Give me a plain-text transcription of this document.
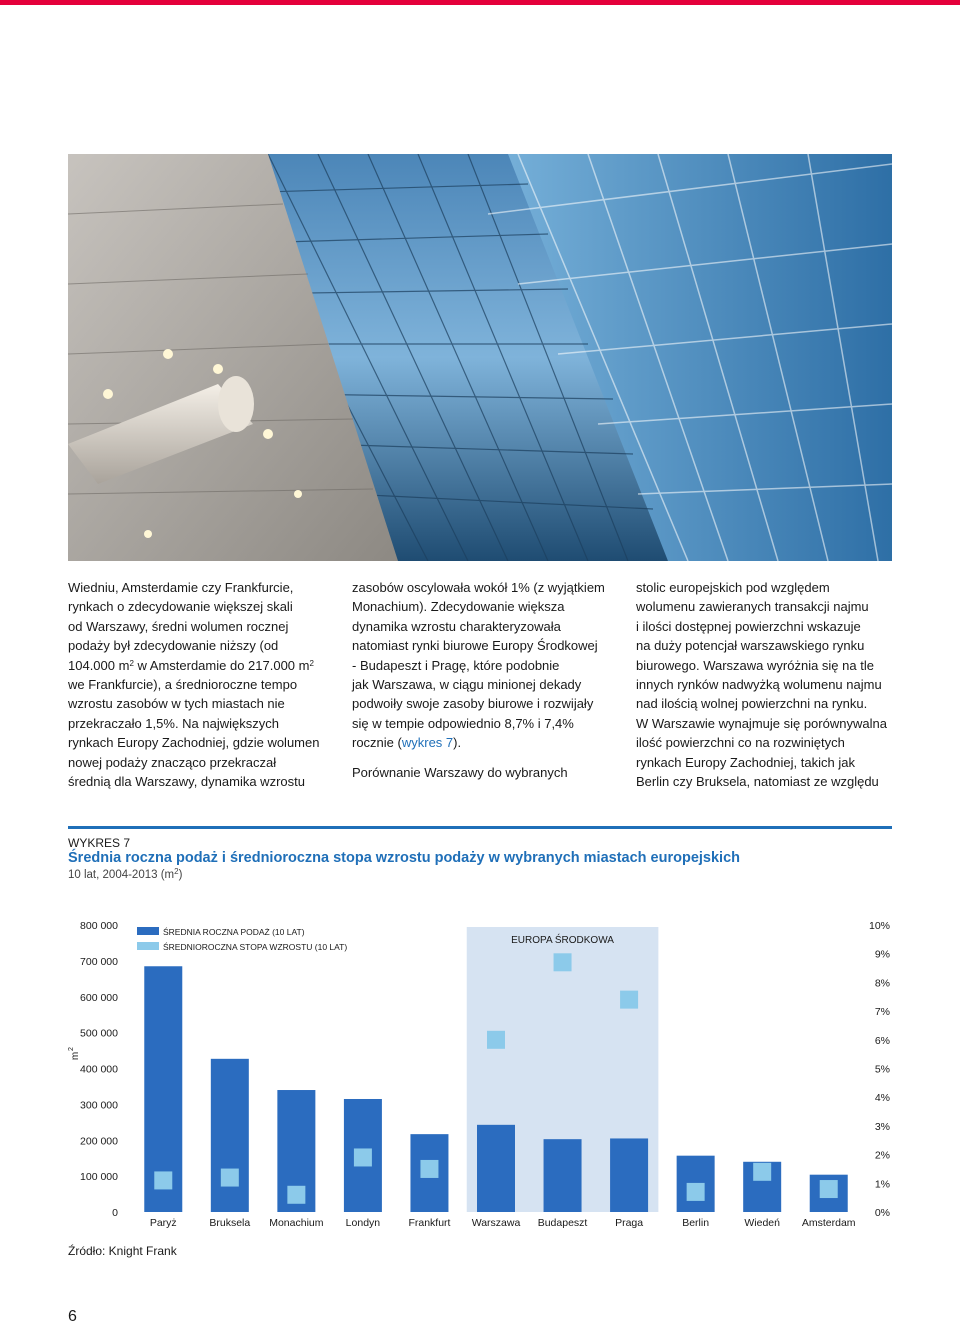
Wiedniu, Amsterdamie czy Frankfurcie,

rynkach o zdecydowanie większej skali

od Warszawy, średni wolumen rocznej

podaży był zdecydowanie niższy (od

104.000 $m^2$ w Amsterdamie do 217.000 $m^2$

we Frankfurcie), a średnioroczne tempo

wzrostu zasobów w tych miastach nie

przekraczało 1,5%. Na największych

rynkach Europy Zachodniej, gdzie wolumen

nowej podaży znacząco przekraczał

średnią dla Warszawy, dynamika wzrostu

zasobów oscylowała wokół 1% (z wyjątkiem

Monachium). Zdecydowanie większa

dynamika wzrostu charakteryzowała

natomiast rynki biurowe Europy Środkowej

- Budapeszt i Pragę, które podobnie

jak Warszawa, w ciągu minionej dekady

podwoiły swoje zasoby biurowe i rozwijały

się w tempie odpowiednio 8,7% i 7,4%

rocznie (wykres 7).

Porównanie Warszawy do wybranych

stolic europejskich pod względem

wolumenu zawieranych transakcji najmu

i ilości dostępnej powierzchni wskazuje

na duży potencjał warszawskiego rynku

biurowego. Warszawa wyróżnia się na tle

innych rynków nadwyżką wolumenu najmu

nad ilością wolnej powierzchni na rynku.

W Warszawie wynajmuje się porównywalna

ilość powierzchni co na rozwiniętych

rynkach Europy Zachodniej, takich jak

Berlin czy Bruksela, natomiast ze względu

WYKRES 7
Średnia roczna podaż i średnioroczna stopa wzrostu podaży w wybranych miastach europejskich
10 lat, 2004-2013 $(m^2)$
EUROPA ŚRODKOWA
800 000
700 000
600 000
500 000
400 000
300 000
200 000
100 000
0
m
2
10%
9%
8%
7%
6%
5%
4%
3%
2%
1%
0%
Paryż	Bruksela Monachium Londyn	Frankfurt Warszawa Budapeszt	Praga	Berlin	Wiedeń Amsterdam
ŚREDNIA ROCZNA PODAŻ (10 LAT)
ŚREDNIOROCZNA STOPA WZROSTU (10 LAT)
Źródło: Knight Frank
6
